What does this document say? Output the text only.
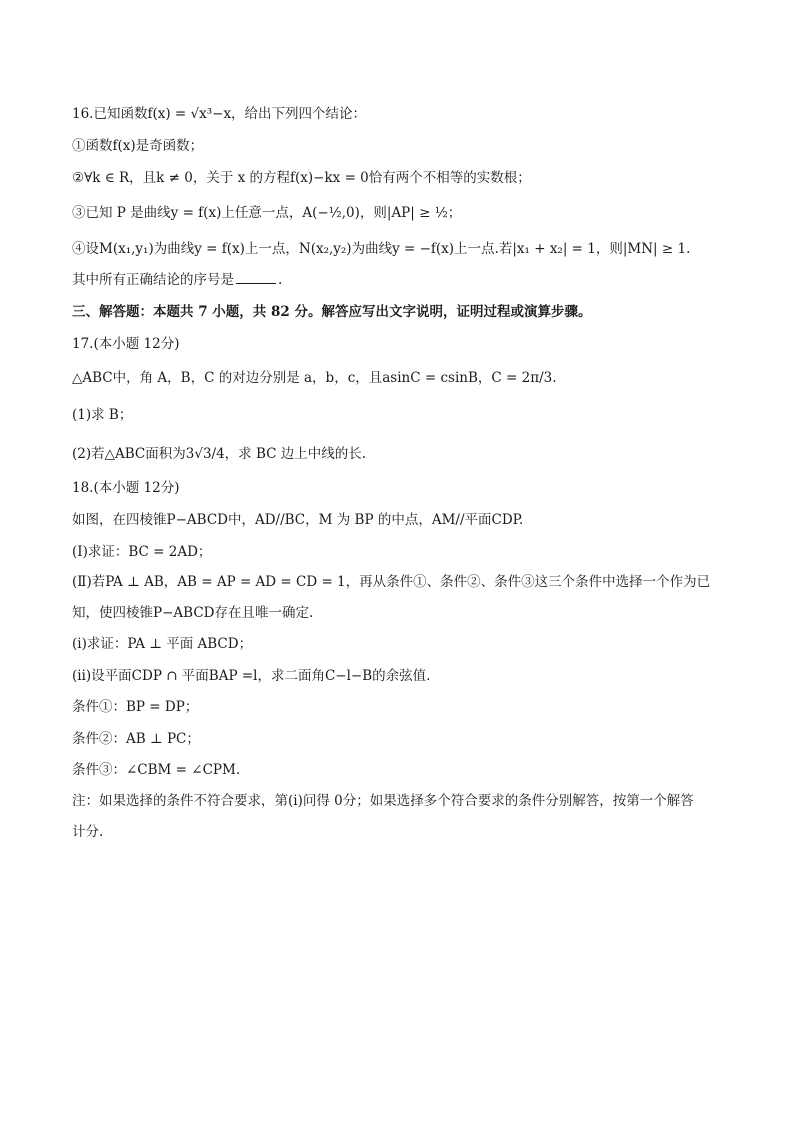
16.已知函数f(x) = √x³−x，给出下列四个结论：
①函数f(x)是奇函数；
②∀k ∈ R，且k ≠ 0，关于 x 的方程f(x)−kx = 0恰有两个不相等的实数根；
③已知 P 是曲线y = f(x)上任意一点，A(−½,0)，则|AP| ≥ ½；
④设M(x₁,y₁)为曲线y = f(x)上一点，N(x₂,y₂)为曲线y = −f(x)上一点.若|x₁ + x₂| = 1，则|MN| ≥ 1.
其中所有正确结论的序号是	.
三、解答题：本题共 7 小题，共 82 分。解答应写出文字说明，证明过程或演算步骤。
17.(本小题 12分)
△ABC中，角 A，B，C 的对边分别是 a，b，c，且asinC = csinB，C = 2π/3.
(1)求 B；
(2)若△ABC面积为3√3/4，求 BC 边上中线的长.
18.(本小题 12分)
如图，在四棱锥P−ABCD中，AD//BC，M 为 BP 的中点，AM//平面CDP.
(Ⅰ)求证：BC = 2AD；
(Ⅱ)若PA ⊥ AB，AB = AP = AD = CD = 1，再从条件①、条件②、条件③这三个条件中选择一个作为已
知，使四棱锥P−ABCD存在且唯一确定.
(i)求证：PA ⊥ 平面 ABCD；
(ⅱ)设平面CDP ∩ 平面BAP =l，求二面角C−l−B的余弦值.
条件①：BP = DP；
条件②：AB ⊥ PC；
条件③：∠CBM = ∠CPM.
注：如果选择的条件不符合要求，第(i)问得 0分；如果选择多个符合要求的条件分别解答，按第一个解答
计分.
